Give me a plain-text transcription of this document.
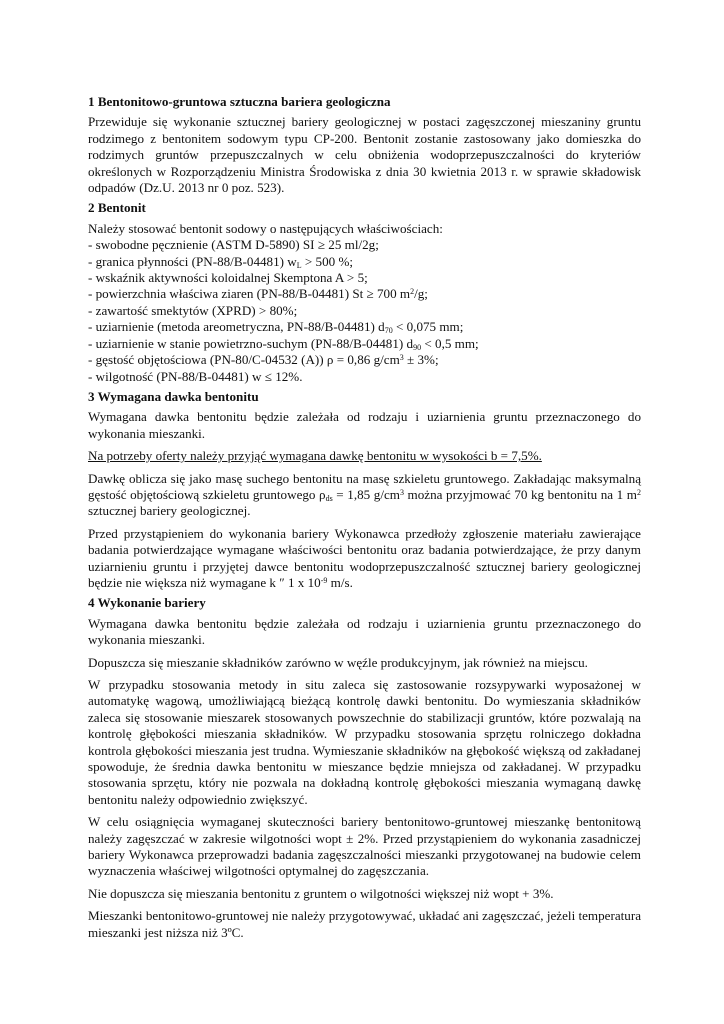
1 Bentonitowo-gruntowa sztuczna bariera geologiczna

Przewiduje się wykonanie sztucznej bariery geologicznej w postaci zagęszczonej mieszaniny gruntu rodzimego z bentonitem sodowym typu CP-200. Bentonit zostanie zastosowany jako domieszka do rodzimych gruntów przepuszczalnych w celu obniżenia wodoprzepuszczalności do kryteriów określonych w Rozporządzeniu Ministra Środowiska z dnia 30 kwietnia 2013 r. w sprawie składowisk odpadów (Dz.U. 2013 nr 0 poz. 523).

2 Bentonit

Należy stosować bentonit sodowy o następujących właściwościach:

- swobodne pęcznienie (ASTM D-5890) SI ≥ 25 ml/2g;
- granica płynności (PN-88/B-04481) $w_L > 500$ %;
- wskaźnik aktywności koloidalnej Skemptona A > 5;
- powierzchnia właściwa ziaren (PN-88/B-04481) St ≥ 700 $m^2/g$;
- zawartość smektytów (XPRD) > 80%;
- uziarnienie (metoda areometryczna, PN-88/B-04481) $d_{70} < 0,075$ mm;
- uziarnienie w stanie powietrzno-suchym (PN-88/B-04481) $d_{90} < 0,5$ mm;
- gęstość objętościowa (PN-80/C-04532 (A)) ρ = 0,86 $g/cm^3 \pm 3\%$;
- wilgotność (PN-88/B-04481) w ≤ 12%.
3 Wymagana dawka bentonitu

Wymagana dawka bentonitu będzie zależała od rodzaju i uziarnienia gruntu przeznaczonego do wykonania mieszanki.

Na potrzeby oferty należy przyjąć wymagana dawkę bentonitu w wysokości b = 7,5%.

Dawkę oblicza się jako masę suchego bentonitu na masę szkieletu gruntowego. Zakładając maksymalną gęstość objętościową szkieletu gruntowego $\rho_{ds} = 1,85$ $g/cm^3$ można przyjmować 70 kg bentonitu na 1 $m^2$ sztucznej bariery geologicznej.

Przed przystąpieniem do wykonania bariery Wykonawca przedłoży zgłoszenie materiału zawierające badania potwierdzające wymagane właściwości bentonitu oraz badania potwierdzające, że przy danym uziarnieniu gruntu i przyjętej dawce bentonitu wodoprzepuszczalność sztucznej bariery geologicznej będzie nie większa niż wymagane k ″ 1 x $10^{-9}$ m/s.

4 Wykonanie bariery

Wymagana dawka bentonitu będzie zależała od rodzaju i uziarnienia gruntu przeznaczonego do wykonania mieszanki.

Dopuszcza się mieszanie składników zarówno w węźle produkcyjnym, jak również na miejscu.

W przypadku stosowania metody in situ zaleca się zastosowanie rozsypywarki wyposażonej w automatykę wagową, umożliwiającą bieżącą kontrolę dawki bentonitu. Do wymieszania składników zaleca się stosowanie mieszarek stosowanych powszechnie do stabilizacji gruntów, które pozwalają na kontrolę głębokości mieszania składników. W przypadku stosowania sprzętu rolniczego dokładna kontrola głębokości mieszania jest trudna. Wymieszanie składników na głębokość większą od zakładanej spowoduje, że średnia dawka bentonitu w mieszance będzie mniejsza od zakładanej. W przypadku stosowania sprzętu, który nie pozwala na dokładną kontrolę głębokości mieszania wymaganą dawkę bentonitu należy odpowiednio zwiększyć.

W celu osiągnięcia wymaganej skuteczności bariery bentonitowo-gruntowej mieszankę bentonitową należy zagęszczać w zakresie wilgotności wopt ± 2%. Przed przystąpieniem do wykonania zasadniczej bariery Wykonawca przeprowadzi badania zagęszczalności mieszanki przygotowanej na budowie celem wyznaczenia właściwej wilgotności optymalnej do zagęszczania.

Nie dopuszcza się mieszania bentonitu z gruntem o wilgotności większej niż wopt + 3%.

Mieszanki bentonitowo-gruntowej nie należy przygotowywać, układać ani zagęszczać, jeżeli temperatura mieszanki jest niższa niż 3ºC.
